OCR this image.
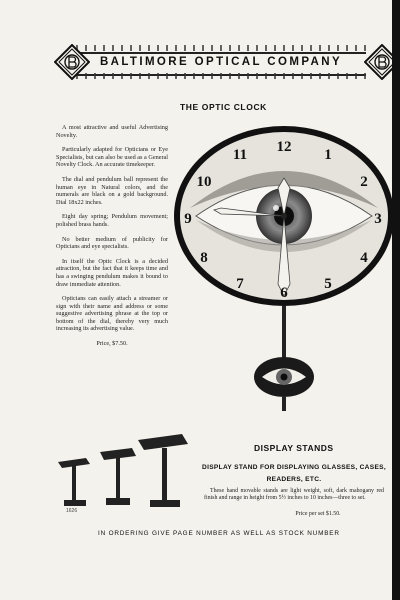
BALTIMORE OPTICAL COMPANY
THE OPTIC CLOCK

A most attractive and useful Advertising Novelty.

Particularly adapted for Opticians or Eye Specialists, but can also be used as a General Novelty Clock. An accurate timekeeper.

The dial and pendulum ball represent the human eye in Natural colors, and the numerals are black on a gold background. Dial 18x22 inches.

Eight day spring; Pendulum movement; polished brass hands.

No better medium of publicity for Opticians and eye specialists.

In itself the Optic Clock is a decided attraction, but the fact that it keeps time and has a swinging pendulum makes it bound to draw immediate attention.

Opticians can easily attach a streamer or sign with their name and address or some suggestive advertising phrase at the top or bottom of the dial, thereby very much increasing its advertising value.

Price, $7.50.

12 1
2
3
4
5
6
7
8
9
10
11
1626
DISPLAY STANDS
DISPLAY STAND FOR DISPLAYING GLASSES, CASES, READERS, ETC.
These hand movable stands are light weight, soft, dark mahogany red finish and range in height from 5½ inches to 10 inches—three to set.
Price per set $1.50.
IN ORDERING GIVE PAGE NUMBER AS WELL AS STOCK NUMBER
